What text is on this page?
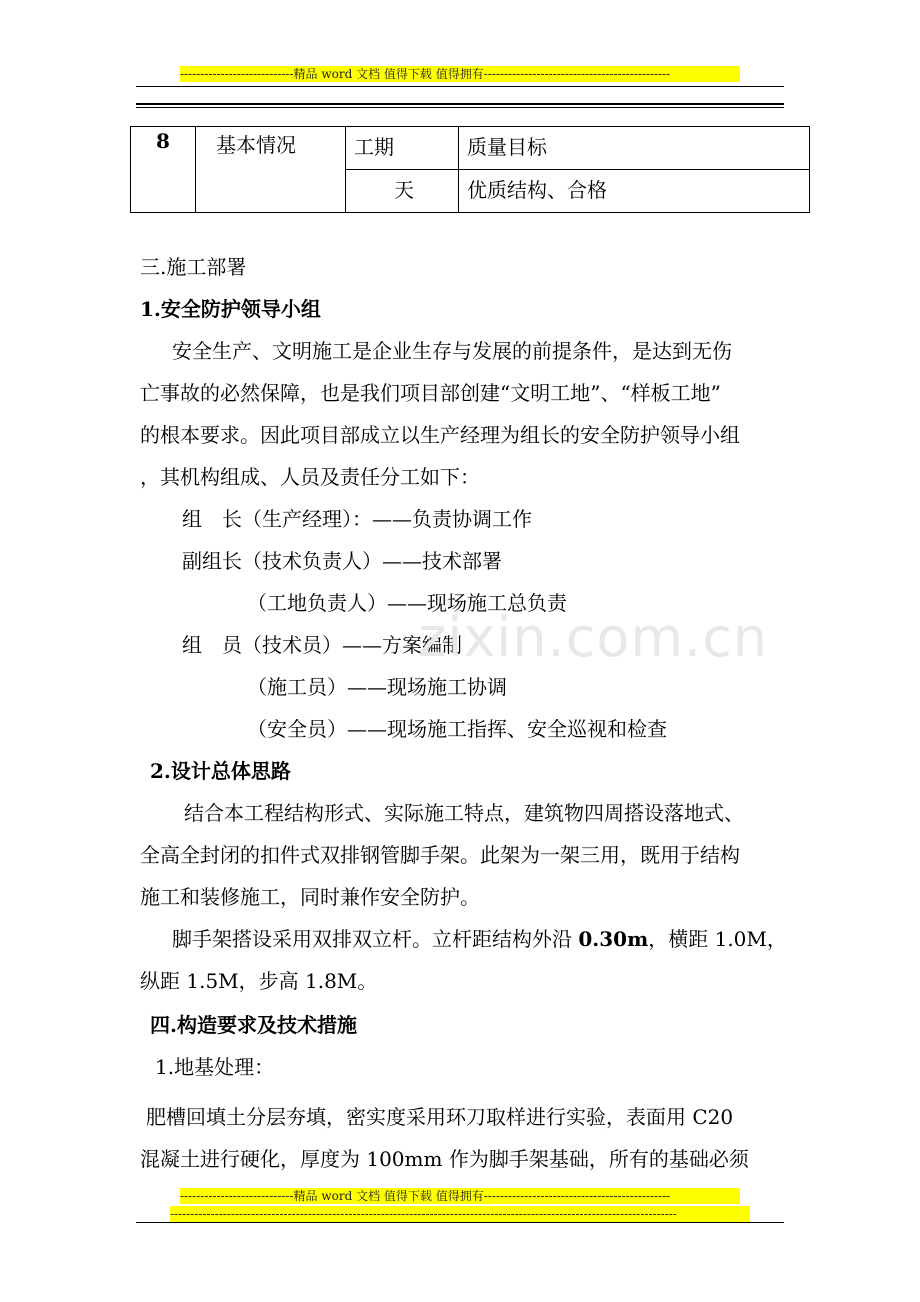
----------------------------精品 word 文档 值得下载 值得拥有----------------------------------------------
8	基本情况	工期	质量目标

		天	优质结构、合格
三.施工部署
1.安全防护领导小组
安全生产、文明施工是企业生存与发展的前提条件，是达到无伤
亡事故的必然保障，也是我们项目部创建“文明工地”、“样板工地”
的根本要求。因此项目部成立以生产经理为组长的安全防护领导小组
，其机构组成、人员及责任分工如下：
组　长（生产经理）：——负责协调工作
副组长（技术负责人）——技术部署
（工地负责人）——现场施工总负责
组　员（技术员）——方案编制
（施工员）——现场施工协调
（安全员）——现场施工指挥、安全巡视和检查
zixin.com.cn
2.设计总体思路
结合本工程结构形式、实际施工特点，建筑物四周搭设落地式、
全高全封闭的扣件式双排钢管脚手架。此架为一架三用，既用于结构
施工和装修施工，同时兼作安全防护。
脚手架搭设采用双排双立杆。立杆距结构外沿 0.30m，横距 1.0M，
纵距 1.5M，步高 1.8M。
四.构造要求及技术措施
1.地基处理：
肥槽回填土分层夯填，密实度采用环刀取样进行实验，表面用 C20
混凝土进行硬化，厚度为 100mm 作为脚手架基础，所有的基础必须
----------------------------精品 word 文档 值得下载 值得拥有----------------------------------------------
-----------------------------------------------------------------------------------------------------------------------------
